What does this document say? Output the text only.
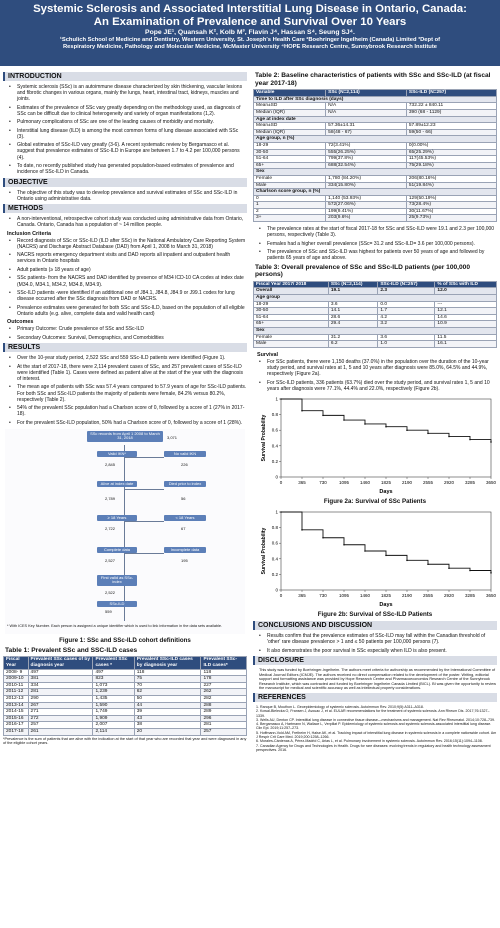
Systemic Sclerosis and Associated Interstitial Lung Disease in Ontario, Canada:
An Examination of Prevalence and Survival Over 10 Years
Pope JE¹, Quansah K², Kolb M³, Flavin J⁴, Hassan S⁴, Seung SJ⁴.
¹Schulich School of Medicine and Dentistry, Western University, St. Joseph's Health Care ²Boehringer Ingelheim (Canada) Limited ³Dept of
Respiratory Medicine, Pathology and Molecular Medicine, McMaster University ⁴HOPE Research Centre, Sunnybrook Research Institute
INTRODUCTION
• Systemic sclerosis (SSc) is an autoimmune disease characterized by skin thickening, vascular lesions and fibrotic changes in various organs, mainly the lungs, heart, intestinal tract, kidneys, muscles and joints.
• Estimates of the prevalence of SSc vary greatly depending on the methodology used, as diagnosis of SSc can be difficult due to clinical heterogeneity and variety of organ manifestations (1,2).
• Pulmonary complications of SSc are one of the leading causes of morbidity and mortality.
• Interstitial lung disease (ILD) is among the most common forms of lung disease associated with SSc (3).
• Global estimates of SSc-ILD vary greatly (3-6). A recent systematic review by Bergamasco et al. suggest that prevalence estimates of SSc-ILD in Europe are between 1.7 to 4.2 per 100,000 persons (4).
• To date, no recently published study has generated population-based estimates of prevalence and incidence of SSc-ILD in Canada.
OBJECTIVE
• The objective of this study was to develop prevalence and survival estimates of SSc and SSc-ILD in Ontario using administrative data.
METHODS
• A non-interventional, retrospective cohort study was conducted using administrative data from Ontario, Canada. Ontario, Canada has a population of ~ 14 million people.
Inclusion Criteria
• Record diagnosis of SSc or SSc-ILD (ILD after SSc) in the National Ambulatory Care Reporting System (NACRS) and Discharge Abstract Database (DAD) from April 1, 2008 to March 31, 2018)
• NACRS reports emergency department visits and DAD reports all inpatient and outpatient health services in Ontario hospitals
• Adult patients (≥ 18 years of age)
• SSc patients- from the NACRS and DAD identified by presence of M34 ICD-10 CA codes at index date (M34.0, M34.1, M34.2, M34.8, M34.9).
• SSc-ILD patients -were identified if an additional one of J84.1, J84.8, J84.9 or J99.1 codes for lung disease occurred after the SSc diagnosis from DAD or NACRS.
• Prevalence estimates were generated for both SSc and SSc-ILD, based on the population of all eligible Ontario adults (e.g. alive, complete data and valid health card)
Outcomes
• Primary Outcome: Crude prevalence of SSc and SSc-ILD
• Secondary Outcomes: Survival, Demographics, and Comorbidities
RESULTS
• Over the 10-year study period, 2,522 SSc and 559 SSc-ILD patients were identified (Figure 1).
• At the start of 2017-18, there were 2,114 prevalent cases of SSc, and 257 prevalent cases of SSc-ILD were identified (Table 1). Cases were defined as patient alive at the start of the year with the diagnosis of interest.
• The mean age of patients with SSc was 57.4 years compared to 57.9 years of age for SSc-ILD patients. For both SSc and SSc-ILD patients the majority of patients were female, 84.2% versus 80.2%, respectively (Table 2).
• 54% of the prevalent SSc population had a Charlson score of 0, followed by a score of 1 (27% in 2017-18).
• For the prevalent SSc-ILD population, 50% had a Charlson score of 0, followed by a score of 1 (28%).
SSc records from April 1 2008 to March 31, 2018	3,071
Valid IKN*
2,845
No valid IKN
226
Alive at index date
2,789
Died prior to index
56
≥ 18 Years
2,722
< 18 Years
67
Complete data
2,527
Incomplete data
195
First valid as SSc-index
2,522
SSc-ILD
559
* With ICES Key Number. Each person is assigned a unique identifier which is used to link information in the data sets available.
Figure 1: SSc and SSc-ILD cohort definitions
Table 1: Prevalent SSc and SSC-ILD cases
Fiscal Year	Prevalent SSc cases of by diagnosis year	Prevalent SSc cases *	Prevalent SSc-ILD cases by diagnosis year	Prevalent SSc-ILD cases*
2008- 9	497	497	118	118
2009-10	381	823	75	178
2010-11	334	1,073	70	227
2011-12	281	1,239	62	262
2012-13	290	1,435	50	282
2013-14	267	1,590	44	288
2014-15	271	1,749	39	289
2015-16	272	1,909	43	296
2016-17	257	2,007	38	281
2017-18	261	2,114	20	257
*Prevalence is the sum of patients that are alive with the indication at the start of that year who are recorded that year and were diagnosed in any of the eligible cohort years.
Table 2: Baseline characteristics of patients with SSc and SSc-ILD (at fiscal year 2017-18)
Variable	SSc (N=2,114)	SSc-ILD (N=257)
Time to ILD after SSc diagnosis (days)		
Mean±SD	N/A	732.22 ± 840.11
Median (IQR)	N/A	390 (68 - 1129)
Age at index date		
Mean±SD	57.36±14.31	57.89±12.23
Median (IQR)	58(48 - 67)	59(50 - 66)
Age group, n (%)		
18-29	72(3.41%)	0(0.00%)
30-50	555(26.25%)	65(25.29%)
51-64	799(37.8%)	117(45.53%)
65+	688(32.54%)	75(29.18%)
Sex		
Female	1,780 (84.20%)	206(80.16%)
Male	334(15.80%)	51(19.84%)
Charlson score group, n (%)		
0	1,140 (53.93%)	129(50.19%)
1	572(27.06%)	73(28.4%)
2	199(9.41%)	30(11.67%)
3+	203(9.6%)	25(9.73%)
• The prevalence rates at the start of fiscal 2017-18 for SSc and SSc-ILD were 19.1 and 2.3 per 100,000 persons, respectively (Table 3).
• Females had a higher overall prevalence (SSc= 31.2 and SSc-ILD= 3.6 per 100,000 persons).
• The prevalence of SSc and SSc-ILD was highest for patients over 50 years of age and followed by patients 65 years of age and above.
Table 3: Overall prevalence of SSc and SSc-ILD patients (per 100,000 persons)
Fiscal Year 2017/ 2018	SSc (N=2,114)	SSc-ILD (N=257)	% of SSc with ILD
Overall	19.1	2.3	12.0
Age group			
18-29	3.6	0.0	---
30-50	14.1	1.7	12.1
51-64	28.6	4.2	14.6
65+	29.4	3.2	10.9
Sex			
Female	31.2	3.6	11.5
Male	6.2	1.0	16.1
Survival
• For SSc patients, there were 1,150 deaths (37.0%) in the population over the duration of the 10-year study period, and survival rates at 1, 5 and 10 years after diagnosis were 85.0%, 64.5% and 44.9%, respectively (Figure 2a).
• For SSc-ILD patients, 336 patients (63.7%) died over the study period, and survival rates 1, 5 and 10 years after diagnosis were 77.1%, 44.4% and 22.0%, respectively (Figure 2b).
0
0.2
0.4
0.6
0.8
1
0	365	730	1095 1460 1825 2190 2555 2920 3285 3650
Days
Survival Probability
Figure 2a: Survival of SSc Patients
0
0.2
0.4
0.6
0.8
1
0	365	730	1095 1460 1825 2190 2555 2920 3285 3650
Days
Survival Probability
Figure 2b: Survival of SSc-ILD Patients
CONCLUSIONS AND DISCUSSION
• Results confirm that the prevalence estimates of SSc-ILD may fall within the Canadian threshold of 'other' rare disease prevalence > 1 and ≤ 50 patients per 100,000 persons (7).
• It also demonstrates the poor survival in SSc especially when ILD is also present.
DISCLOSURE
This study was funded by Boehringer-Ingelheim. The authors meet criteria for authorship as recommended by the International Committee of Medical Journal Editors (ICMJE). The authors received no direct compensation related to the development of the poster. Writing, editorial support and formatting assistance was provided by Hope Research Centre and Pharmacoeconomics Research Centre of the Sunnybrook Research Institute, which was contracted and funded by Boehringer Ingelheim Canada Limited (BICL). BI was given the opportunity to review the manuscript for medical and scientific accuracy as well as intellectual property considerations.
REFERENCES
1. Ranque B, Mouthon L. Geoepidemiology of systemic sclerosis. Autoimmun Rev. 2010;9(5):A311–A318.
2. Kowal-Bielecka O, Fransen J, Avouac J, et al. EULAR recommendations for the treatment of systemic sclerosis. Ann Rheum Dis. 2017;76:1327–1339.
3. Wells AU, Denton CP. Interstitial lung disease in connective tissue disease—mechanisms and management. Nat Rev Rheumatol. 2014;10:728–739.
4. Bergamasco A, Hartmann N, Wallace L, Verpillat P. Epidemiology of systemic sclerosis and systemic sclerosis-associated interstitial lung disease. Clin Epi. 2019;11:257–273.
5. Hoffmann-Vold AM, Fretheim H, Halse AK, et al. Tracking impact of interstitial lung disease in systemic sclerosis in a complete nationwide cohort. Am J Respir Crit Care Med. 2019;200:1258–1266.
6. Morales-Cárdenas A, Pérez-Madrid C, Arias L, et al. Pulmonary involvement in systemic sclerosis. Autoimmun Rev. 2016;15(11):1094–1108.
7. Canadian Agency for Drugs and Technologies in Health. Drugs for rare diseases: evolving trends in regulatory and health technology assessment perspectives. 2016.
